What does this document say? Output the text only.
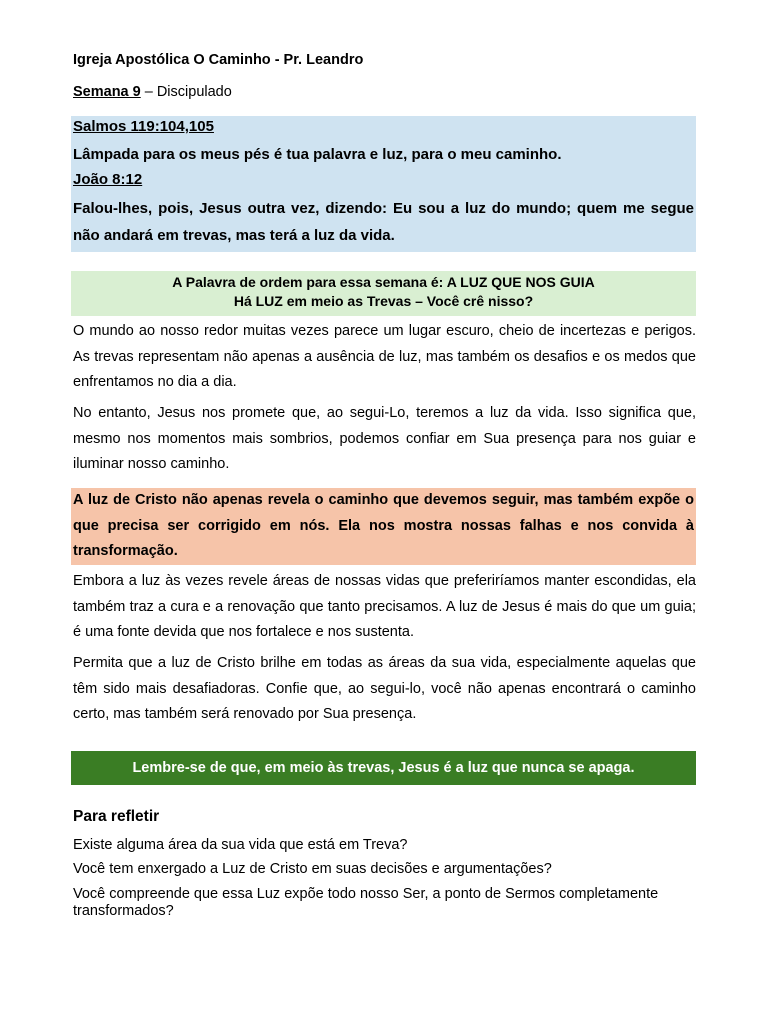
Igreja Apostólica O Caminho - Pr. Leandro
Semana 9 – Discipulado
Salmos 119:104,105
Lâmpada para os meus pés é tua palavra e luz, para o meu caminho.
João 8:12
Falou-lhes, pois, Jesus outra vez, dizendo: Eu sou a luz do mundo; quem me segue não andará em trevas, mas terá a luz da vida.
A Palavra de ordem para essa semana é: A LUZ QUE NOS GUIA
Há LUZ em meio as Trevas – Você crê nisso?
O mundo ao nosso redor muitas vezes parece um lugar escuro, cheio de incertezas e perigos. As trevas representam não apenas a ausência de luz, mas também os desafios e os medos que enfrentamos no dia a dia.
No entanto, Jesus nos promete que, ao segui-Lo, teremos a luz da vida. Isso significa que, mesmo nos momentos mais sombrios, podemos confiar em Sua presença para nos guiar e iluminar nosso caminho.
A luz de Cristo não apenas revela o caminho que devemos seguir, mas também expõe o que precisa ser corrigido em nós. Ela nos mostra nossas falhas e nos convida à transformação.
Embora a luz às vezes revele áreas de nossas vidas que preferiríamos manter escondidas, ela também traz a cura e a renovação que tanto precisamos. A luz de Jesus é mais do que um guia; é uma fonte devida que nos fortalece e nos sustenta.
Permita que a luz de Cristo brilhe em todas as áreas da sua vida, especialmente aquelas que têm sido mais desafiadoras. Confie que, ao segui-lo, você não apenas encontrará o caminho certo, mas também será renovado por Sua presença.
Lembre-se de que, em meio às trevas, Jesus é a luz que nunca se apaga.
Para refletir
Existe alguma área da sua vida que está em Treva?
Você tem enxergado a Luz de Cristo em suas decisões e argumentações?
Você compreende que essa Luz expõe todo nosso Ser, a ponto de Sermos completamente transformados?
